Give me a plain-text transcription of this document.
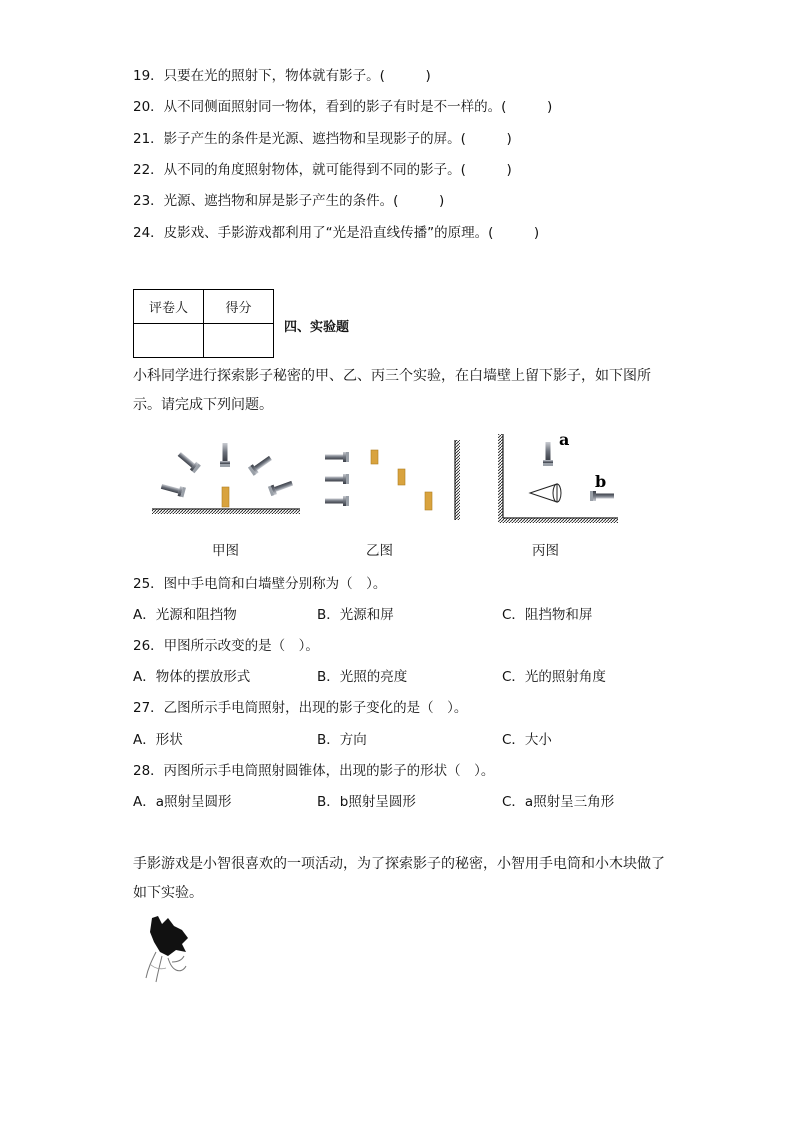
19．只要在光的照射下，物体就有影子。(　　　)
20．从不同侧面照射同一物体，看到的影子有时是不一样的。(　　　)
21．影子产生的条件是光源、遮挡物和呈现影子的屏。(　　　)
22．从不同的角度照射物体，就可能得到不同的影子。(　　　)
23．光源、遮挡物和屏是影子产生的条件。(　　　)
24．皮影戏、手影游戏都利用了“光是沿直线传播”的原理。(　　　)
评卷人	得分

四、实验题
小科同学进行探索影子秘密的甲、乙、丙三个实验，在白墙壁上留下影子，如下图所示。请完成下列问题。
a
b
甲图	乙图	丙图
25．图中手电筒和白墙壁分别称为（　）。
A．光源和阻挡物	B．光源和屏	C．阻挡物和屏
26．甲图所示改变的是（　）。
A．物体的摆放形式	B．光照的亮度	C．光的照射角度
27．乙图所示手电筒照射，出现的影子变化的是（　）。
A．形状	B．方向	C．大小
28．丙图所示手电筒照射圆锥体，出现的影子的形状（　）。
A．a照射呈圆形	B．b照射呈圆形	C．a照射呈三角形
手影游戏是小智很喜欢的一项活动，为了探索影子的秘密，小智用手电筒和小木块做了如下实验。
